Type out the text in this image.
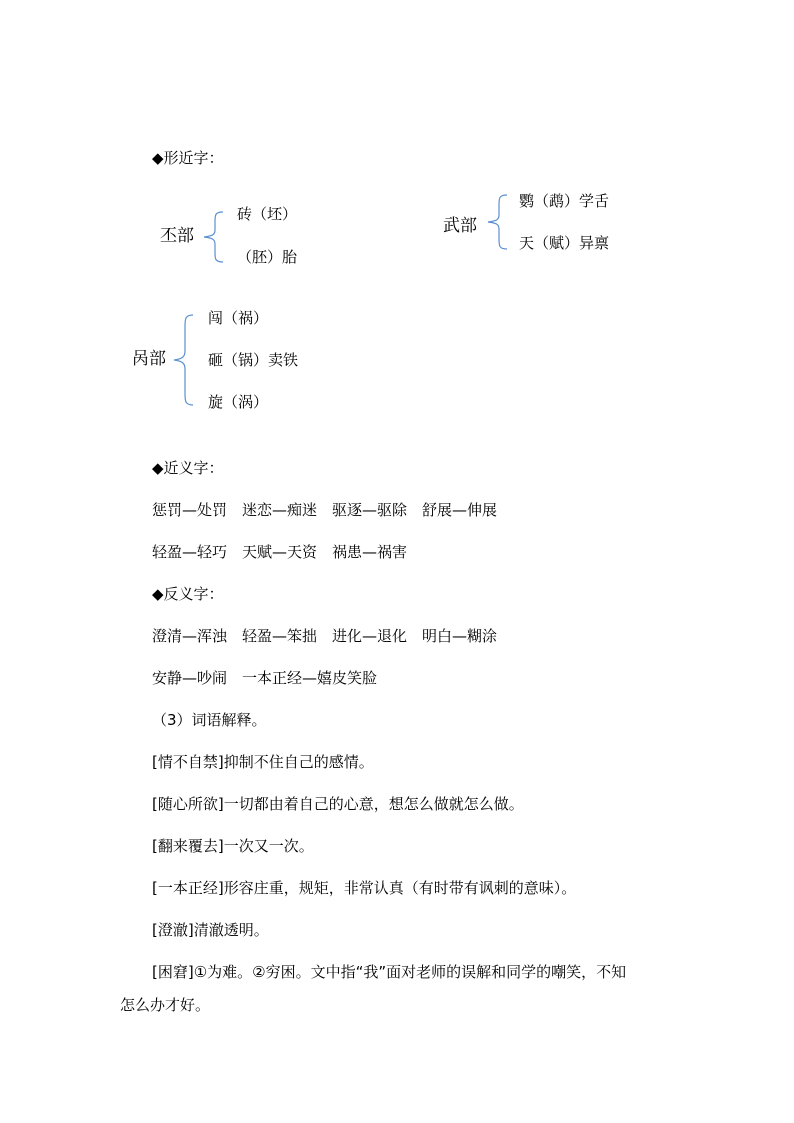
◆形近字：
丕部
砖（坯）
（胚）胎
武部
鹦（鹉）学舌
天（赋）异禀
呙部
闯（祸）
砸（锅）卖铁
旋（涡）
◆近义字：
惩罚—处罚　迷恋—痴迷　驱逐—驱除　舒展—伸展
轻盈—轻巧　天赋—天资　祸患—祸害
◆反义字：
澄清—浑浊　轻盈—笨拙　进化—退化　明白—糊涂
安静—吵闹　一本正经—嬉皮笑脸
（3）词语解释。
[情不自禁]抑制不住自己的感情。
[随心所欲]一切都由着自己的心意，想怎么做就怎么做。
[翻来覆去]一次又一次。
[一本正经]形容庄重，规矩，非常认真（有时带有讽刺的意味）。
[澄澈]清澈透明。
[困窘]①为难。②穷困。文中指“我”面对老师的误解和同学的嘲笑，不知
怎么办才好。
